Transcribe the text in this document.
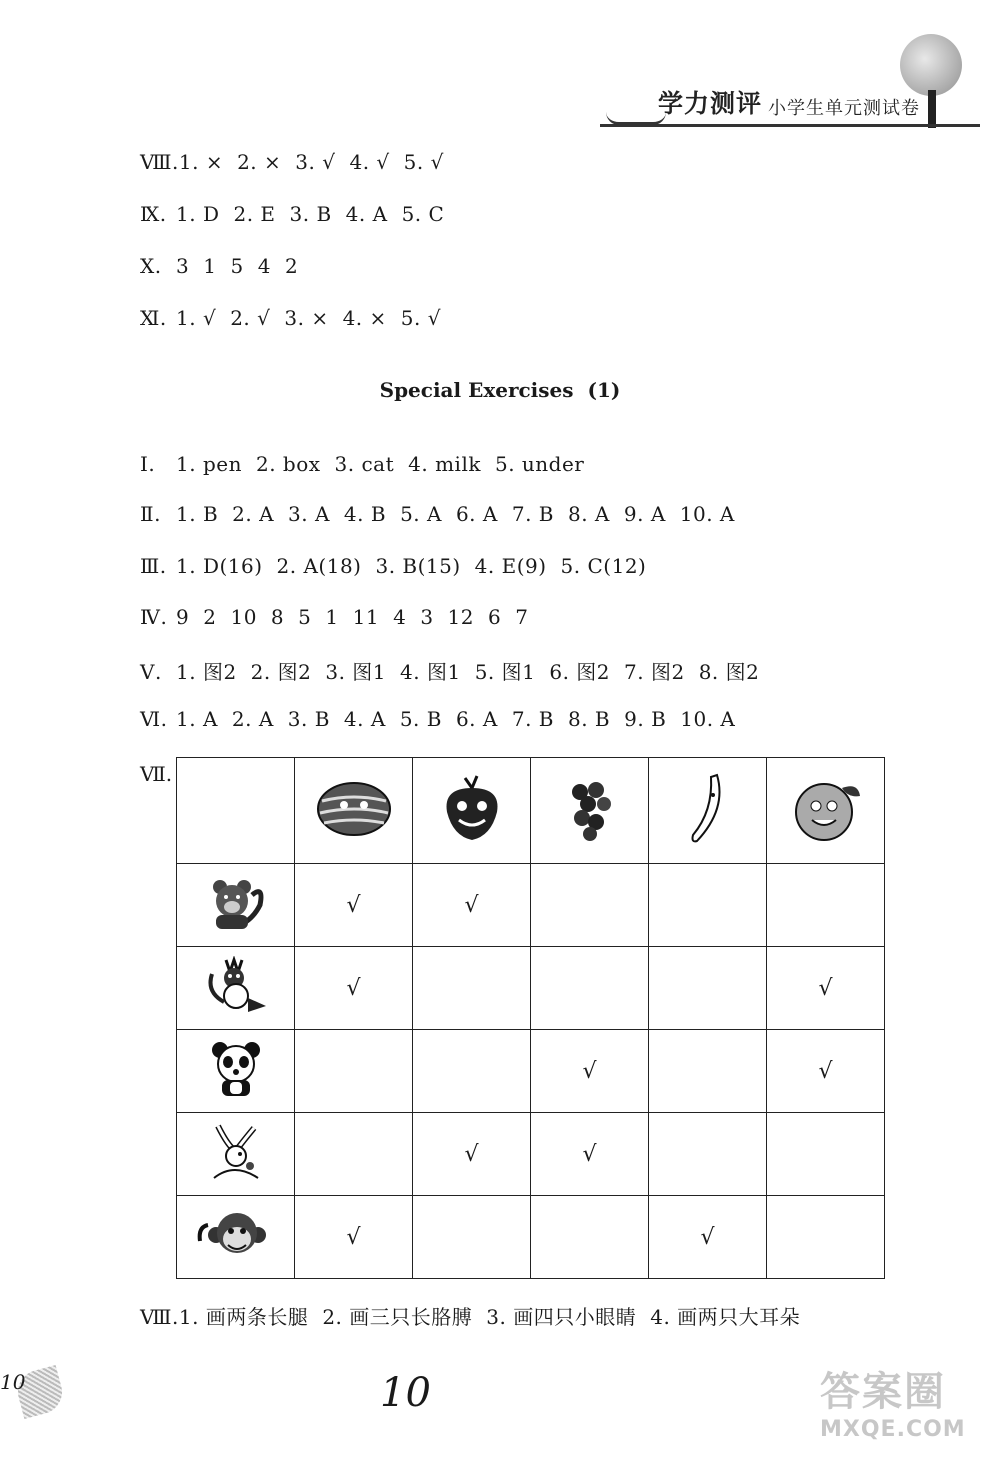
学力测评 小学生单元测试卷
Ⅷ.1. × 2. × 3. √ 4. √ 5. √
Ⅸ. 1. D 2. E 3. B 4. A 5. C
Ⅹ. 3 1 5 4 2
Ⅺ. 1. √ 2. √ 3. × 4. × 5. √
Special Exercises (1)
Ⅰ. 1. pen 2. box 3. cat 4. milk 5. under
Ⅱ. 1. B 2. A 3. A 4. B 5. A 6. A 7. B 8. A 9. A 10. A
Ⅲ. 1. D(16) 2. A(18) 3. B(15) 4. E(9) 5. C(12)
Ⅳ. 9 2 10 8 5 1 11 4 3 12 6 7
Ⅴ. 1. 图2 2. 图2 3. 图1 4. 图1 5. 图1 6. 图2 7. 图2 8. 图2
Ⅵ. 1. A 2. A 3. B 4. A 5. B 6. A 7. B 8. B 9. B 10. A
Ⅶ.

	√	√			
	√				√
			√		√
		√	√		
	√			√	
Ⅷ.1. 画两条长腿 2. 画三只长胳膊 3. 画四只小眼睛 4. 画两只大耳朵
10	10	答案圈
MXQE.COM
